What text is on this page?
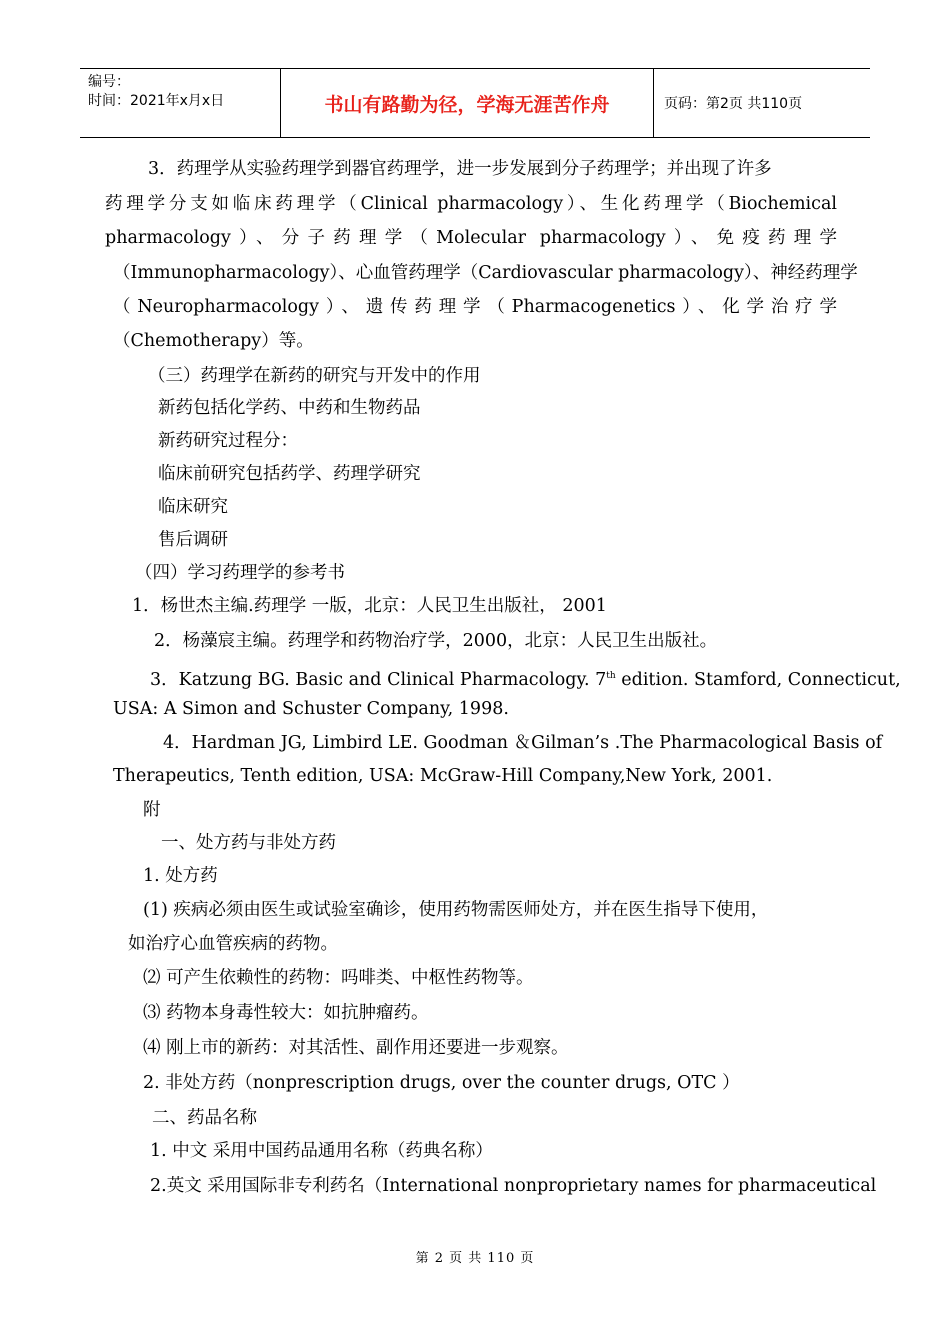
编号：
时间：2021年x月x日	书山有路勤为径，学海无涯苦作舟	页码：第2页 共110页
3．药理学从实验药理学到器官药理学，进一步发展到分子药理学；并出现了许多
药理学分支如临床药理学（Clinical pharmacology）、生化药理学（Biochemical
pharmacology）、分子药理学（Molecular pharmacology）、免疫药理学
（Immunopharmacology）、心血管药理学（Cardiovascular pharmacology）、神经药理学
（Neuropharmacology）、遗传药理学（Pharmacogenetics）、化学治疗学
（Chemotherapy）等。
（三）药理学在新药的研究与开发中的作用
新药包括化学药、中药和生物药品
新药研究过程分：
临床前研究包括药学、药理学研究
临床研究
售后调研
（四）学习药理学的参考书
1．杨世杰主编.药理学 一版，北京：人民卫生出版社， 2001
2．杨藻宸主编。药理学和药物治疗学，2000，北京：人民卫生出版社。
3．Katzung BG. Basic and Clinical Pharmacology. 7th edition. Stamford, Connecticut,
USA: A Simon and Schuster Company, 1998.
4．Hardman JG, Limbird LE. Goodman ＆Gilman’s .The Pharmacological Basis of
Therapeutics, Tenth edition, USA: McGraw-Hill Company,New York, 2001.
附
一、处方药与非处方药
1. 处方药
(1) 疾病必须由医生或试验室确诊，使用药物需医师处方，并在医生指导下使用，
如治疗心血管疾病的药物。
⑵ 可产生依赖性的药物：吗啡类、中枢性药物等。
⑶ 药物本身毒性较大：如抗肿瘤药。
⑷ 刚上市的新药：对其活性、副作用还要进一步观察。
2. 非处方药（nonprescription drugs, over the counter drugs, OTC ）
二、药品名称
1. 中文 采用中国药品通用名称（药典名称）
2.英文 采用国际非专利药名（International nonproprietary names for pharmaceutical
第 2 页 共 110 页
